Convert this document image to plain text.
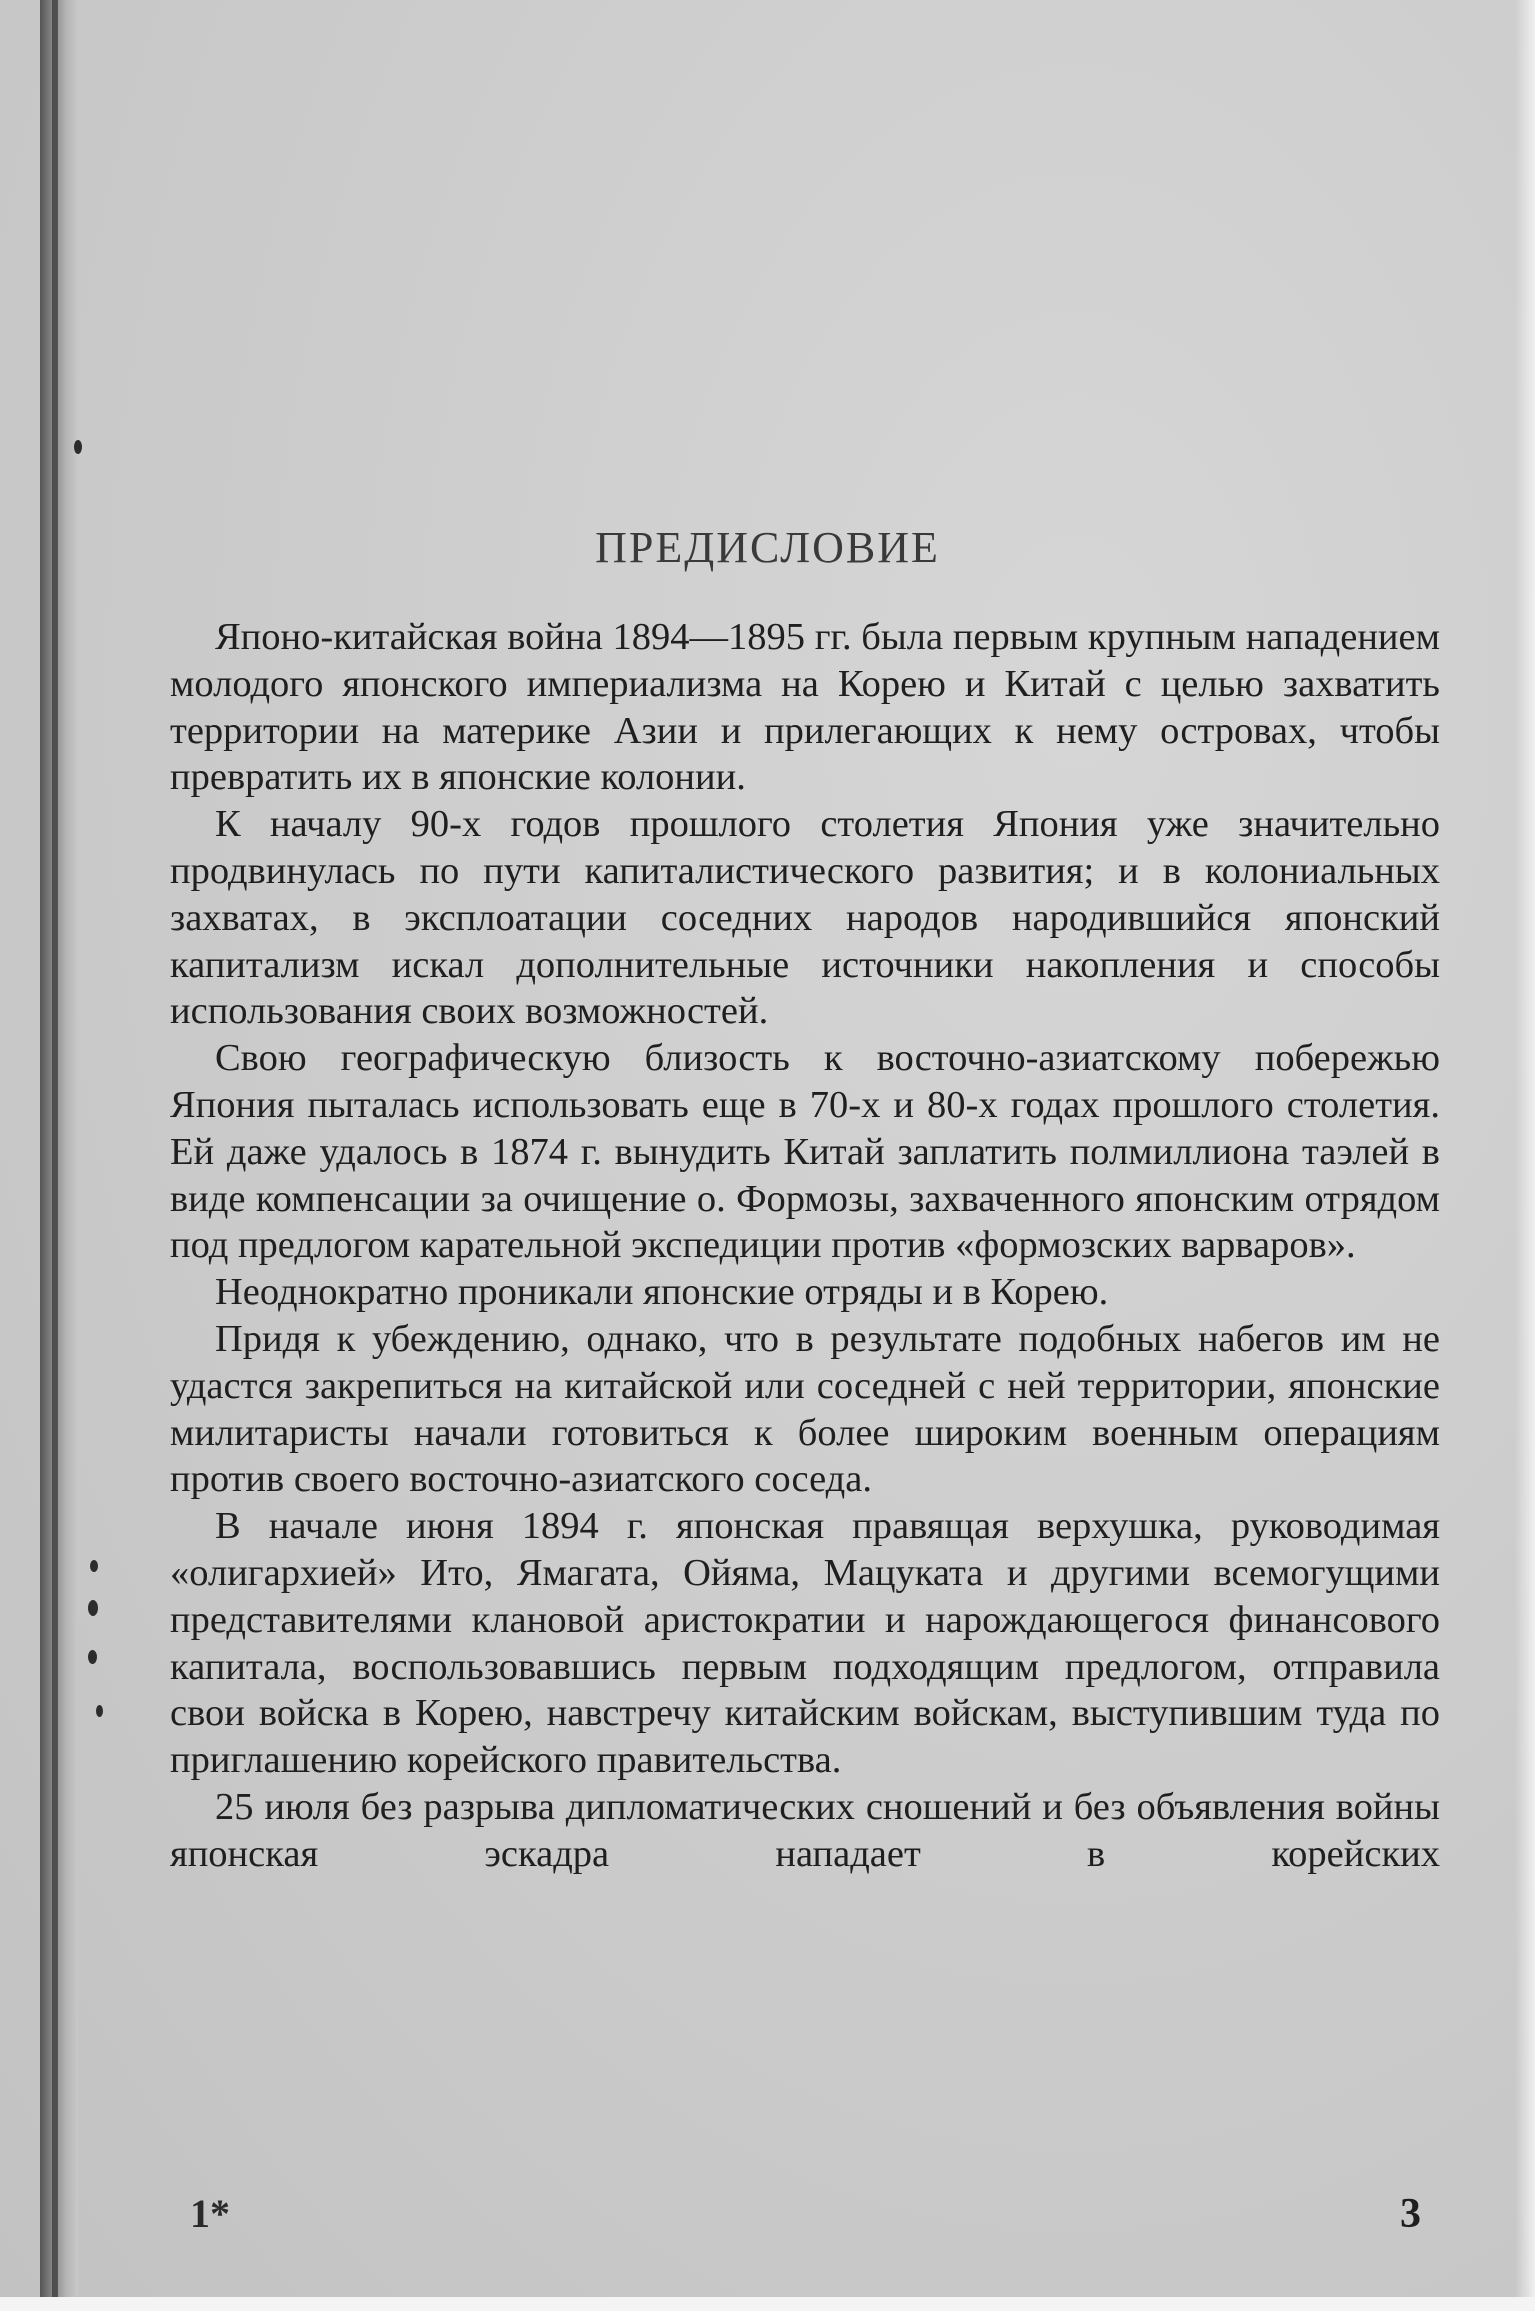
ПРЕДИСЛОВИЕ

Японо-китайская война 1894—1895 гг. была первым крупным нападением молодого японского империализма на Корею и Китай с целью захватить территории на материке Азии и прилегающих к нему островах, чтобы превратить их в японские колонии.

К началу 90-х годов прошлого столетия Япония уже значительно продвинулась по пути капиталистического развития; и в колониальных захватах, в эксплоатации соседних народов народившийся японский капитализм искал дополнительные источники накопления и способы использования своих возможностей.

Свою географическую близость к восточно-азиатскому побережью Япония пыталась использовать еще в 70-х и 80-х годах прошлого столетия. Ей даже удалось в 1874 г. вынудить Китай заплатить полмиллиона таэлей в виде компенсации за очищение о. Формозы, захваченного японским отрядом под предлогом карательной экспедиции против «формозских варваров».

Неоднократно проникали японские отряды и в Корею.

Придя к убеждению, однако, что в результате подобных набегов им не удастся закрепиться на китайской или соседней с ней территории, японские милитаристы начали готовиться к более широким военным операциям против своего восточно-азиатского соседа.

В начале июня 1894 г. японская правящая верхушка, руководимая «олигархией» Ито, Ямагата, Ойяма, Мацуката и другими всемогущими представителями клановой аристократии и нарождающегося финансового капитала, воспользовавшись первым подходящим предлогом, отправила свои войска в Корею, навстречу китайским войскам, выступившим туда по приглашению корейского правительства.

25 июля без разрыва дипломатических сношений и без объявления войны японская эскадра нападает в корейских

1*	3
